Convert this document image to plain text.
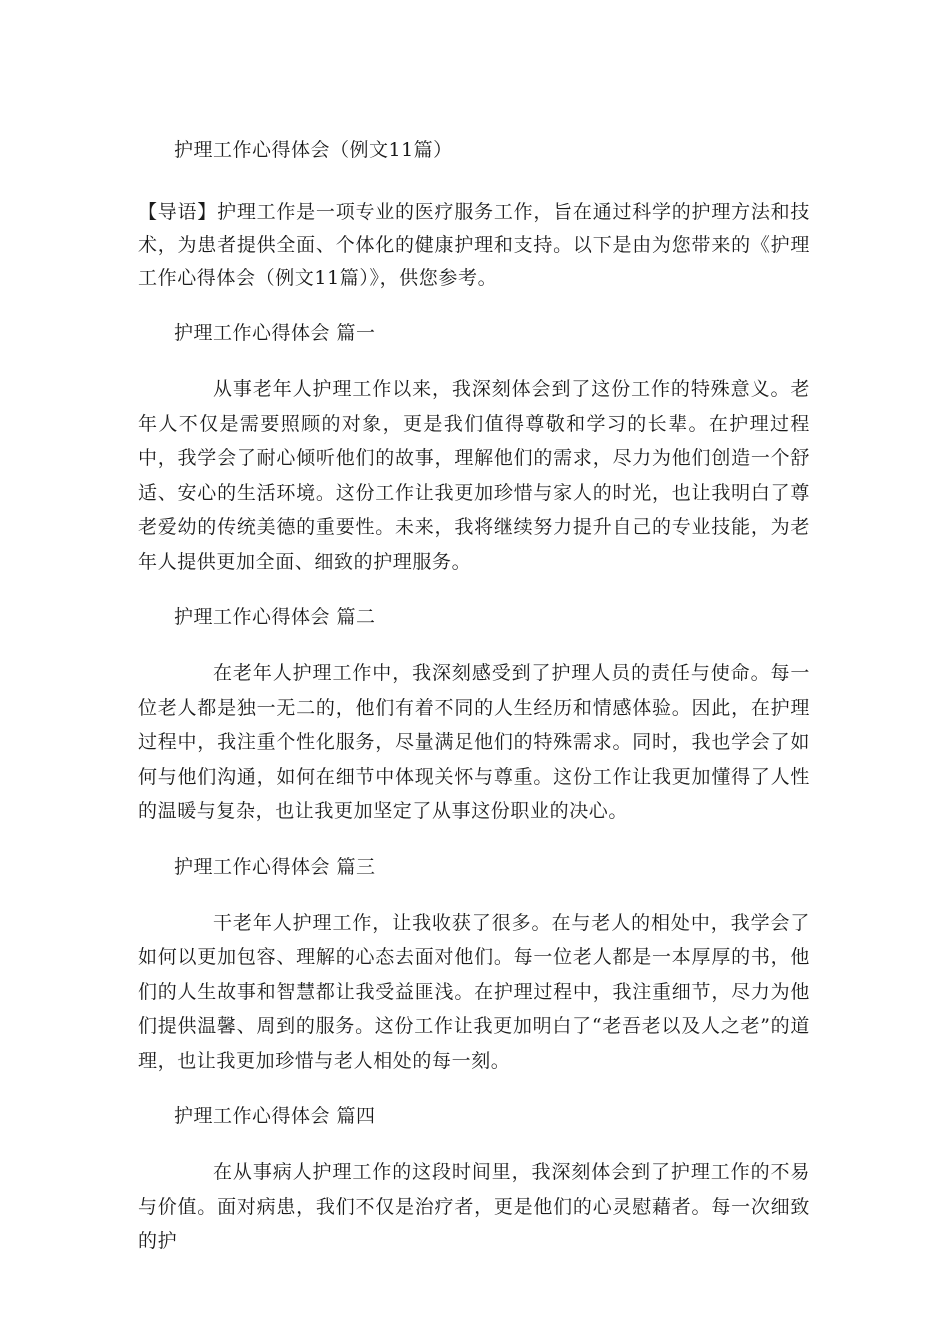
护理工作心得体会（例文11篇）
【导语】护理工作是一项专业的医疗服务工作，旨在通过科学的护理方法和技术，为患者提供全面、个体化的健康护理和支持。以下是由为您带来的《护理工作心得体会（例文11篇）》，供您参考。
护理工作心得体会 篇一
从事老年人护理工作以来，我深刻体会到了这份工作的特殊意义。老年人不仅是需要照顾的对象，更是我们值得尊敬和学习的长辈。在护理过程中，我学会了耐心倾听他们的故事，理解他们的需求，尽力为他们创造一个舒适、安心的生活环境。这份工作让我更加珍惜与家人的时光，也让我明白了尊老爱幼的传统美德的重要性。未来，我将继续努力提升自己的专业技能，为老年人提供更加全面、细致的护理服务。
护理工作心得体会 篇二
在老年人护理工作中，我深刻感受到了护理人员的责任与使命。每一位老人都是独一无二的，他们有着不同的人生经历和情感体验。因此，在护理过程中，我注重个性化服务，尽量满足他们的特殊需求。同时，我也学会了如何与他们沟通，如何在细节中体现关怀与尊重。这份工作让我更加懂得了人性的温暖与复杂，也让我更加坚定了从事这份职业的决心。
护理工作心得体会 篇三
干老年人护理工作，让我收获了很多。在与老人的相处中，我学会了如何以更加包容、理解的心态去面对他们。每一位老人都是一本厚厚的书，他们的人生故事和智慧都让我受益匪浅。在护理过程中，我注重细节，尽力为他们提供温馨、周到的服务。这份工作让我更加明白了“老吾老以及人之老”的道理，也让我更加珍惜与老人相处的每一刻。
护理工作心得体会 篇四
在从事病人护理工作的这段时间里，我深刻体会到了护理工作的不易与价值。面对病患，我们不仅是治疗者，更是他们的心灵慰藉者。每一次细致的护
